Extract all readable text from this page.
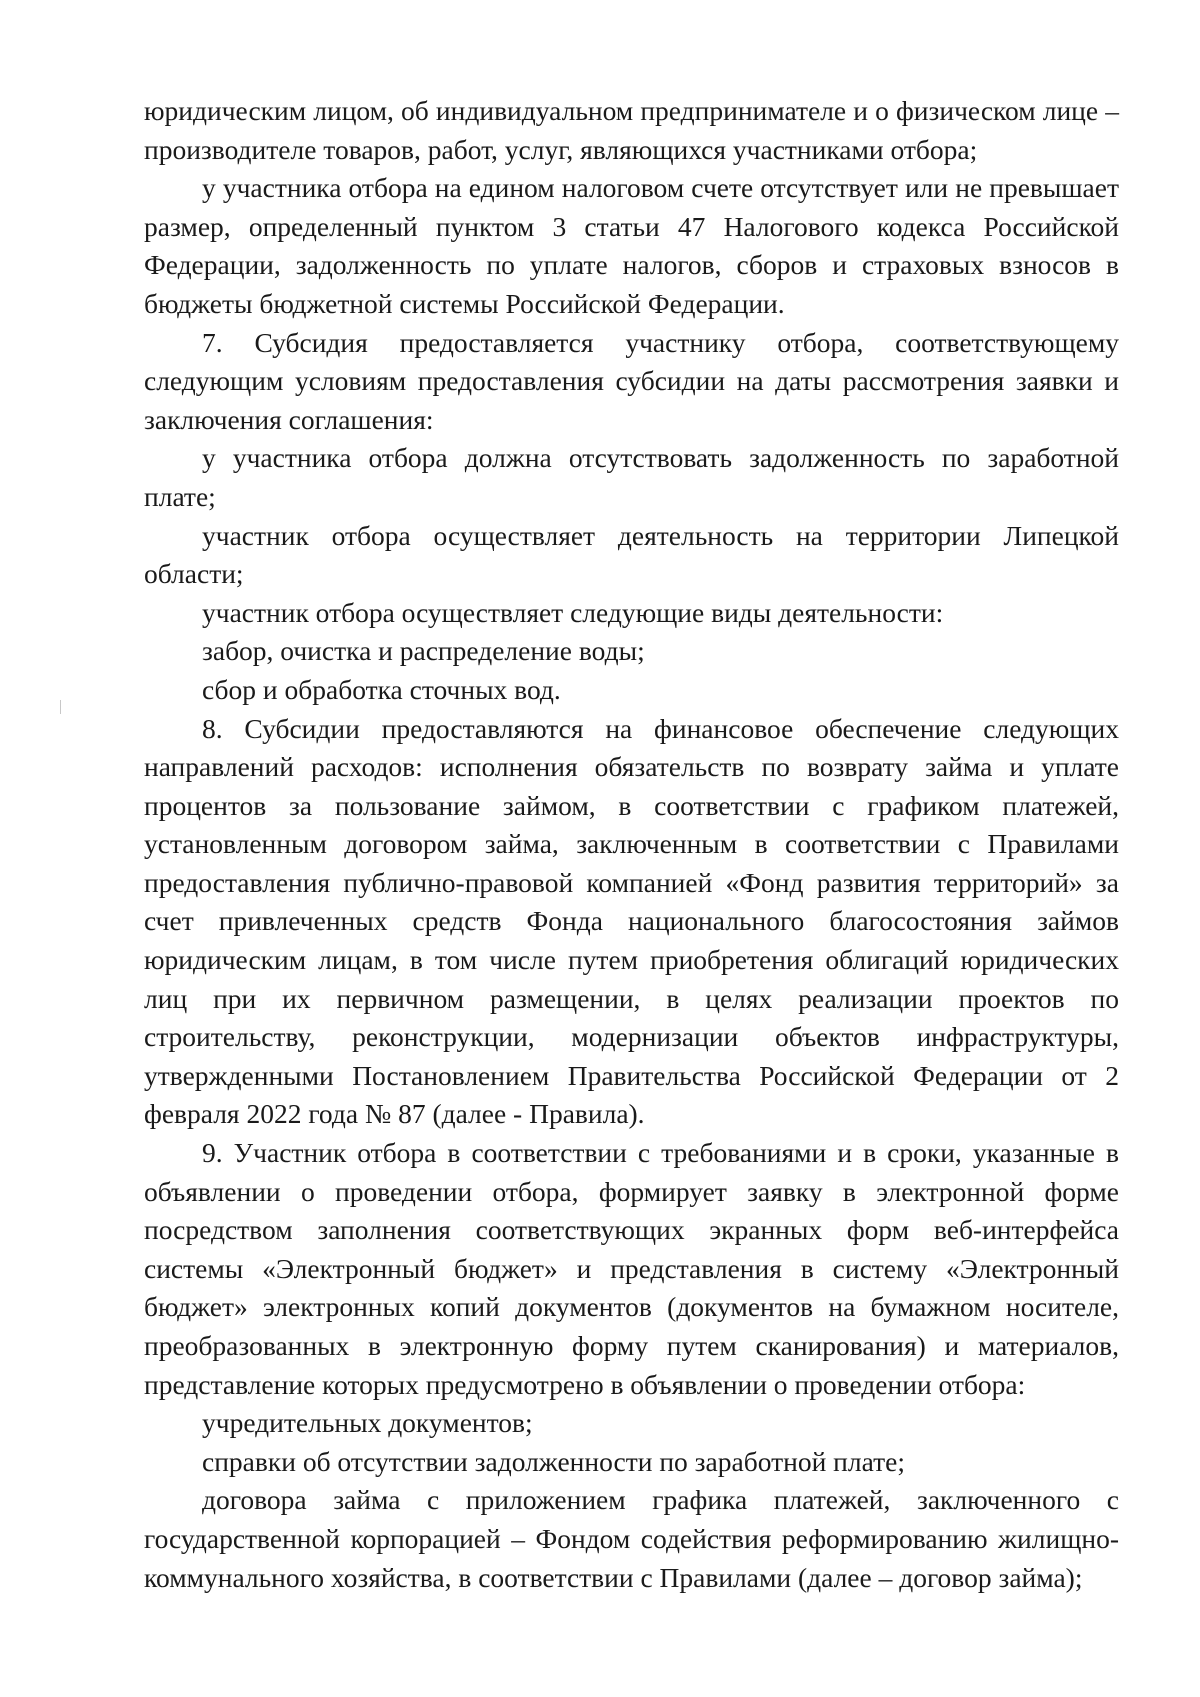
юридическим лицом, об индивидуальном предпринимателе и о физическом лице – производителе товаров, работ, услуг, являющихся участниками отбора;

у участника отбора на едином налоговом счете отсутствует или не превышает размер, определенный пунктом 3 статьи 47 Налогового кодекса Российской Федерации, задолженность по уплате налогов, сборов и страховых взносов в бюджеты бюджетной системы Российской Федерации.

7. Субсидия предоставляется участнику отбора, соответствующему следующим условиям предоставления субсидии на даты рассмотрения заявки и заключения соглашения:

у участника отбора должна отсутствовать задолженность по заработной плате;

участник отбора осуществляет деятельность на территории Липецкой области;

участник отбора осуществляет следующие виды деятельности:

забор, очистка и распределение воды;

сбор и обработка сточных вод.

8. Субсидии предоставляются на финансовое обеспечение следующих направлений расходов: исполнения обязательств по возврату займа и уплате процентов за пользование займом, в соответствии с графиком платежей, установленным договором займа, заключенным в соответствии с Правилами предоставления публично-правовой компанией «Фонд развития территорий» за счет привлеченных средств Фонда национального благосостояния займов юридическим лицам, в том числе путем приобретения облигаций юридических лиц при их первичном размещении, в целях реализации проектов по строительству, реконструкции, модернизации объектов инфраструктуры, утвержденными Постановлением Правительства Российской Федерации от 2 февраля 2022 года № 87 (далее - Правила).

9. Участник отбора в соответствии с требованиями и в сроки, указанные в объявлении о проведении отбора, формирует заявку в электронной форме посредством заполнения соответствующих экранных форм веб-интерфейса системы «Электронный бюджет» и представления в систему «Электронный бюджет» электронных копий документов (документов на бумажном носителе, преобразованных в электронную форму путем сканирования) и материалов, представление которых предусмотрено в объявлении о проведении отбора:

учредительных документов;

справки об отсутствии задолженности по заработной плате;

договора займа с приложением графика платежей, заключенного с государственной корпорацией – Фондом содействия реформированию жилищно-коммунального хозяйства, в соответствии с Правилами (далее – договор займа);
